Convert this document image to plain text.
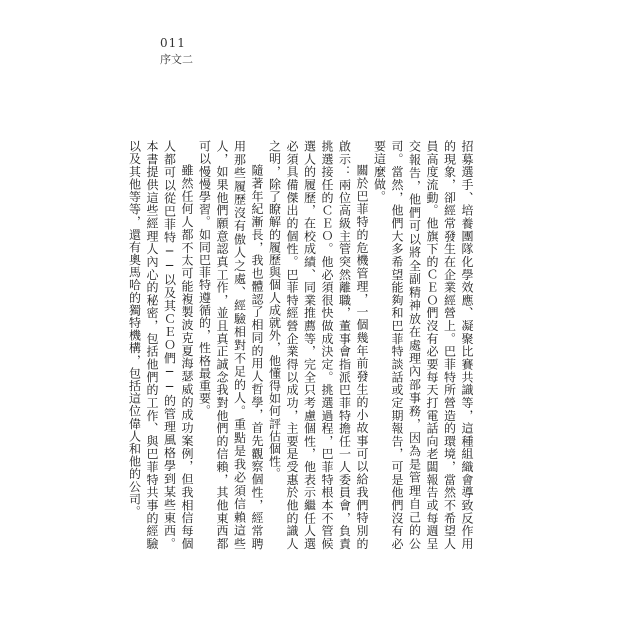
011
序文二

招募選手、培養團隊化學效應、凝聚比賽共識等，這種組織會導致反作用的現象，卻經常發生在企業經營上。巴菲特所營造的環境，當然不希望人員高度流動。他旗下的ＣＥＯ們沒有必要每天打電話向老闆報告或每週呈交報告，他們可以將全副精神放在處理內部事務，因為是管理自己的公司。當然，他們大多希望能夠和巴菲特談話或定期報告，可是他們沒有必要這麼做。

關於巴菲特的危機管理，一個幾年前發生的小故事可以給我們特別的啟示：兩位高級主管突然離職，董事會指派巴菲特擔任一人委員會，負責挑選接任的ＣＥＯ。他必須很快做成決定。挑選過程，巴菲特根本不管候選人的履歷，在校成績、同業推薦等，完全只考慮個性，他表示繼任人選必須具備傑出的個性。巴菲特經營企業得以成功，主要是受惠於他的識人之明，除了瞭解的履歷與個人成就外，他懂得如何評估個性。

隨著年紀漸長，我也體認了相同的用人哲學，首先觀察個性，經常聘用那些履歷沒有傲人之處、經驗相對不足的人。重點是我必須信賴這些人，如果他們願意認真工作，並且真正誠念我對他們的信賴，其他東西都可以慢慢學習。如同巴菲特遵循的，性格最重要。

雖然任何人都不太可能複製波克夏海瑟威的成功案例，但我相信每個人都可以從巴菲特──以及其ＣＥＯ們──的管理風格學到某些東西。本書提供這些經理人內心的秘密，包括他們的工作、與巴菲特共事的經驗以及其他等等，還有奧馬哈的獨特機構，包括這位偉人和他的公司。
